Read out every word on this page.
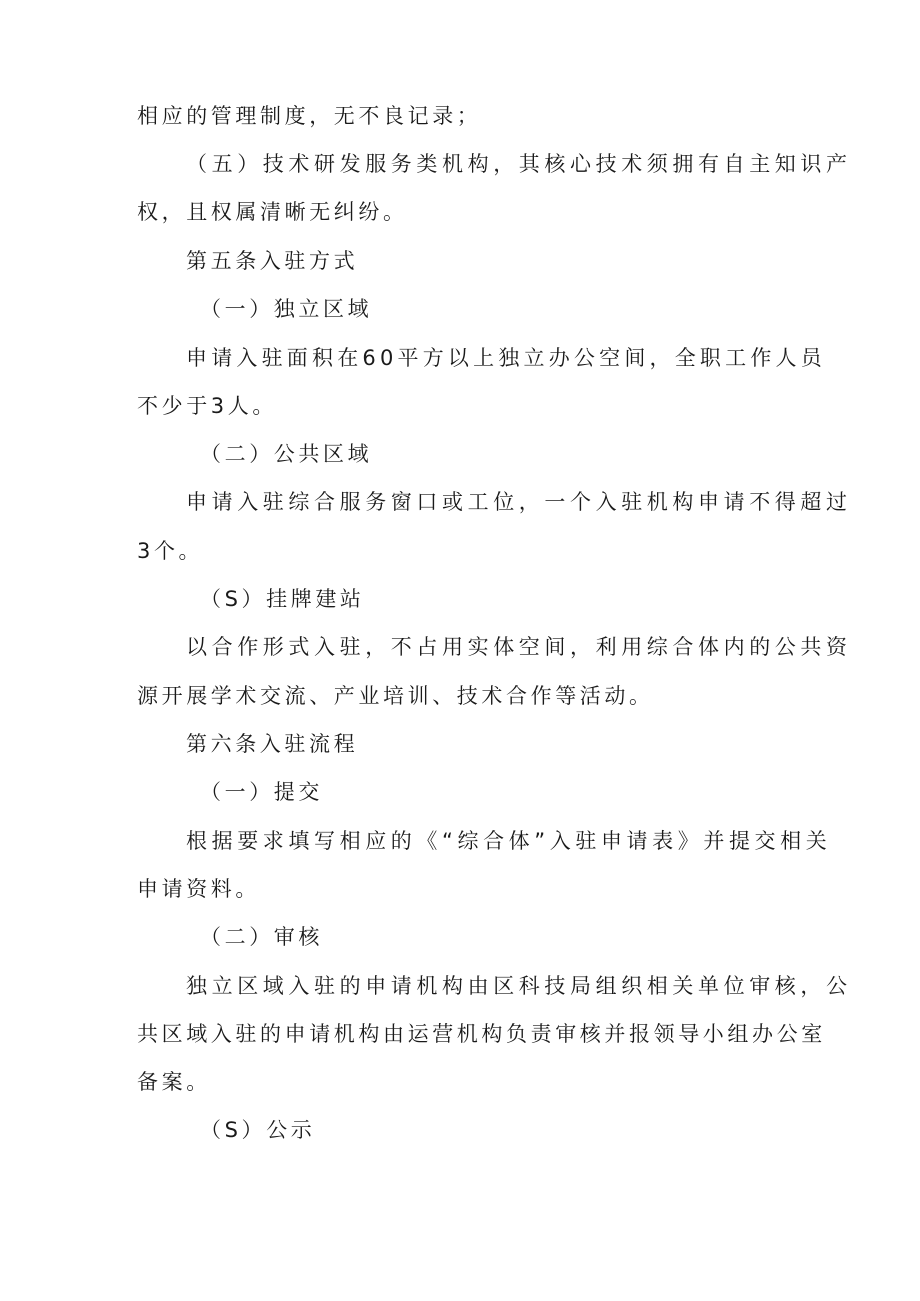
相应的管理制度，无不良记录；

（五）技术研发服务类机构，其核心技术须拥有自主知识产

权，且权属清晰无纠纷。

第五条入驻方式

（一）独立区域

申请入驻面积在60平方以上独立办公空间，全职工作人员

不少于3人。

（二）公共区域

申请入驻综合服务窗口或工位，一个入驻机构申请不得超过

3个。

（S）挂牌建站

以合作形式入驻，不占用实体空间，利用综合体内的公共资

源开展学术交流、产业培训、技术合作等活动。

第六条入驻流程

（一）提交

根据要求填写相应的《“综合体”入驻申请表》并提交相关

申请资料。

（二）审核

独立区域入驻的申请机构由区科技局组织相关单位审核，公

共区域入驻的申请机构由运营机构负责审核并报领导小组办公室

备案。

（S）公示
